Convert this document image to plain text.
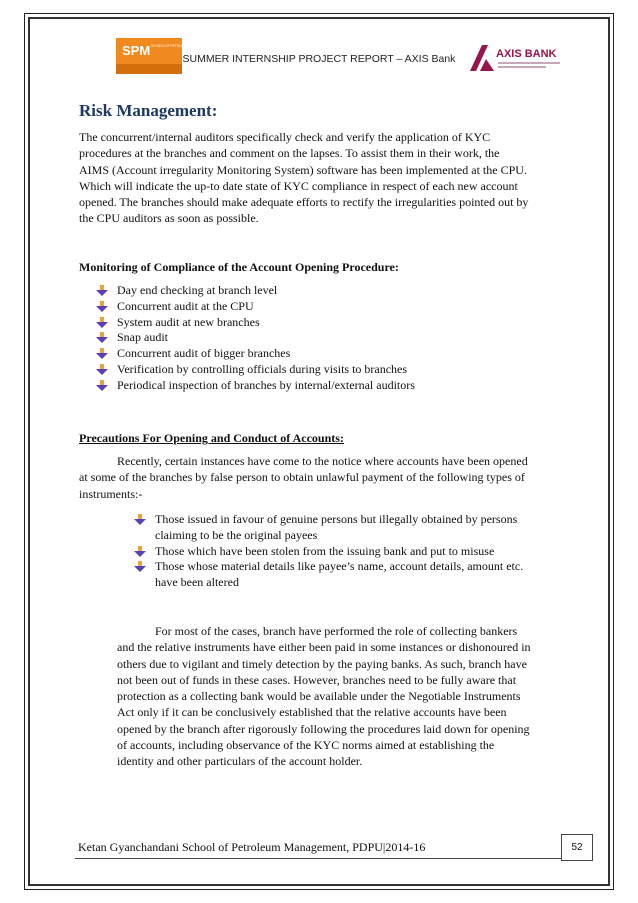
SPM SCHOOL OF PETROLEUM MANAGEMENT
SUMMER INTERNSHIP PROJECT REPORT – AXIS Bank	AXIS BANK
Risk Management:
The concurrent/internal auditors specifically check and verify the application of KYC
procedures at the branches and comment on the lapses. To assist them in their work, the
AIMS (Account irregularity Monitoring System) software has been implemented at the CPU.
Which will indicate the up-to date state of KYC compliance in respect of each new account
opened. The branches should make adequate efforts to rectify the irregularities pointed out by
the CPU auditors as soon as possible.
Monitoring of Compliance of the Account Opening Procedure:
Day end checking at branch level
Concurrent audit at the CPU
System audit at new branches
Snap audit
Concurrent audit of bigger branches
Verification by controlling officials during visits to branches
Periodical inspection of branches by internal/external auditors
Precautions For Opening and Conduct of Accounts:
Recently, certain instances have come to the notice where accounts have been opened
at some of the branches by false person to obtain unlawful payment of the following types of
instruments:-
Those issued in favour of genuine persons but illegally obtained by persons
claiming to be the original payees
Those which have been stolen from the issuing bank and put to misuse
Those whose material details like payee’s name, account details, amount etc.
have been altered
For most of the cases, branch have performed the role of collecting bankers
and the relative instruments have either been paid in some instances or dishonoured in
others due to vigilant and timely detection by the paying banks. As such, branch have
not been out of funds in these cases. However, branches need to be fully aware that
protection as a collecting bank would be available under the Negotiable Instruments
Act only if it can be conclusively established that the relative accounts have been
opened by the branch after rigorously following the procedures laid down for opening
of accounts, including observance of the KYC norms aimed at establishing the
identity and other particulars of the account holder.
Ketan Gyanchandani School of Petroleum Management, PDPU|2014-16	52
